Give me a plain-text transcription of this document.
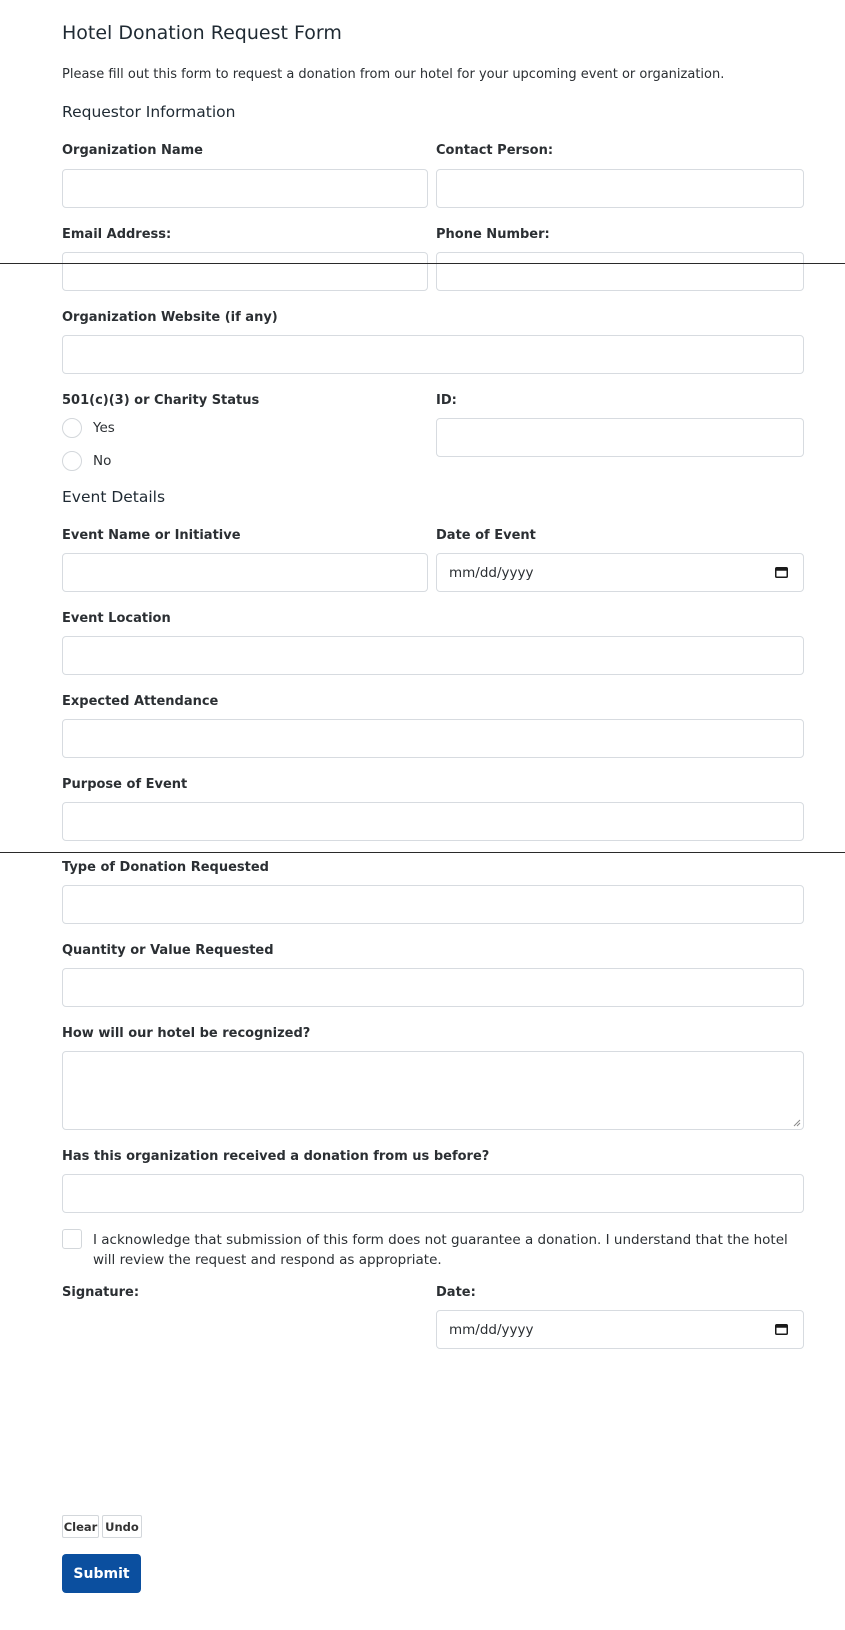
Hotel Donation Request Form
Please fill out this form to request a donation from our hotel for your upcoming event or organization.
Requestor Information
Organization Name	Contact Person:
Email Address:	Phone Number:
Organization Website (if any)
501(c)(3) or Charity Status	ID:
Yes
No
Event Details
Event Name or Initiative	Date of Event
mm/dd/yyyy
Event Location
Expected Attendance
Purpose of Event
Type of Donation Requested
Quantity or Value Requested
How will our hotel be recognized?
Has this organization received a donation from us before?
I acknowledge that submission of this form does not guarantee a donation. I understand that the hotel will review the request and respond as appropriate.
Signature:	Date:
mm/dd/yyyy
Clear Undo
Submit
